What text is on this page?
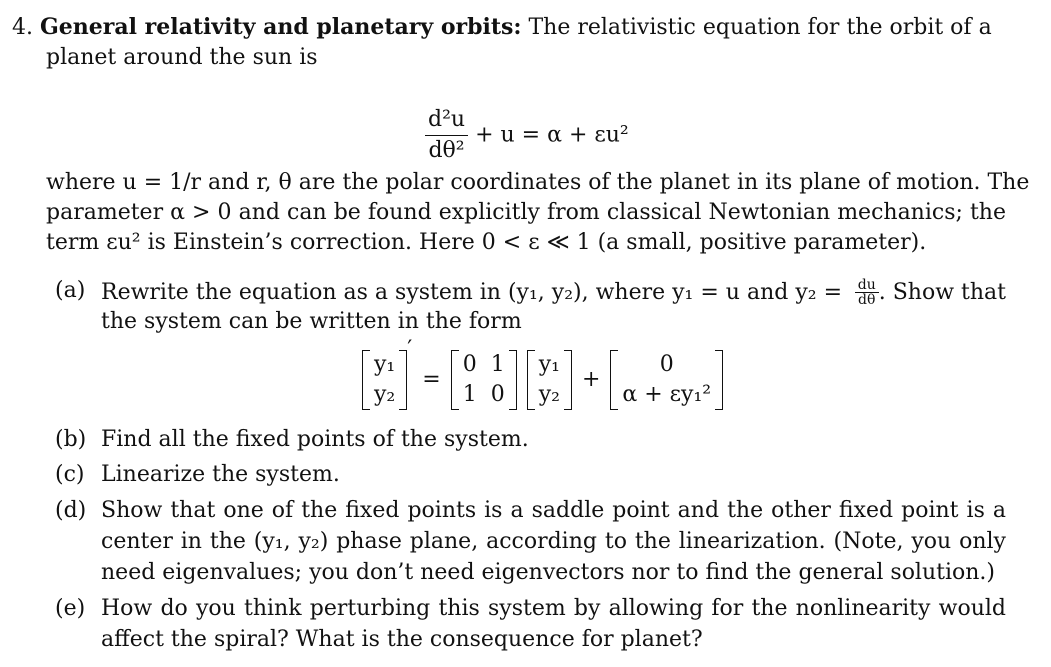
4. General relativity and planetary orbits: The relativistic equation for the orbit of a
planet around the sun is
$\frac{\text{d²u}}{\text{dθ²}} + u = \alpha + \varepsilon u^2$
where u = 1/r and r, θ are the polar coordinates of the planet in its plane of motion. The
parameter α > 0 and can be found explicitly from classical Newtonian mechanics; the
term εu² is Einstein’s correction. Here 0 < ε ≪ 1 (a small, positive parameter).
(a) Rewrite the equation as a system in (y₁, y₂), where y₁ = u and $y_2 = \frac{du}{d\theta}$ . Show that
the system can be written in the form
y₁
y₂
′
=
0 1
1 0
y₁
y₂
+
0
α + εy₁²
(b) Find all the fixed points of the system.
(c) Linearize the system.
(d) Show that one of the fixed points is a saddle point and the other fixed point is a
center in the (y₁, y₂) phase plane, according to the linearization. (Note, you only
need eigenvalues; you don’t need eigenvectors nor to find the general solution.)
(e) How do you think perturbing this system by allowing for the nonlinearity would
affect the spiral? What is the consequence for planet?
